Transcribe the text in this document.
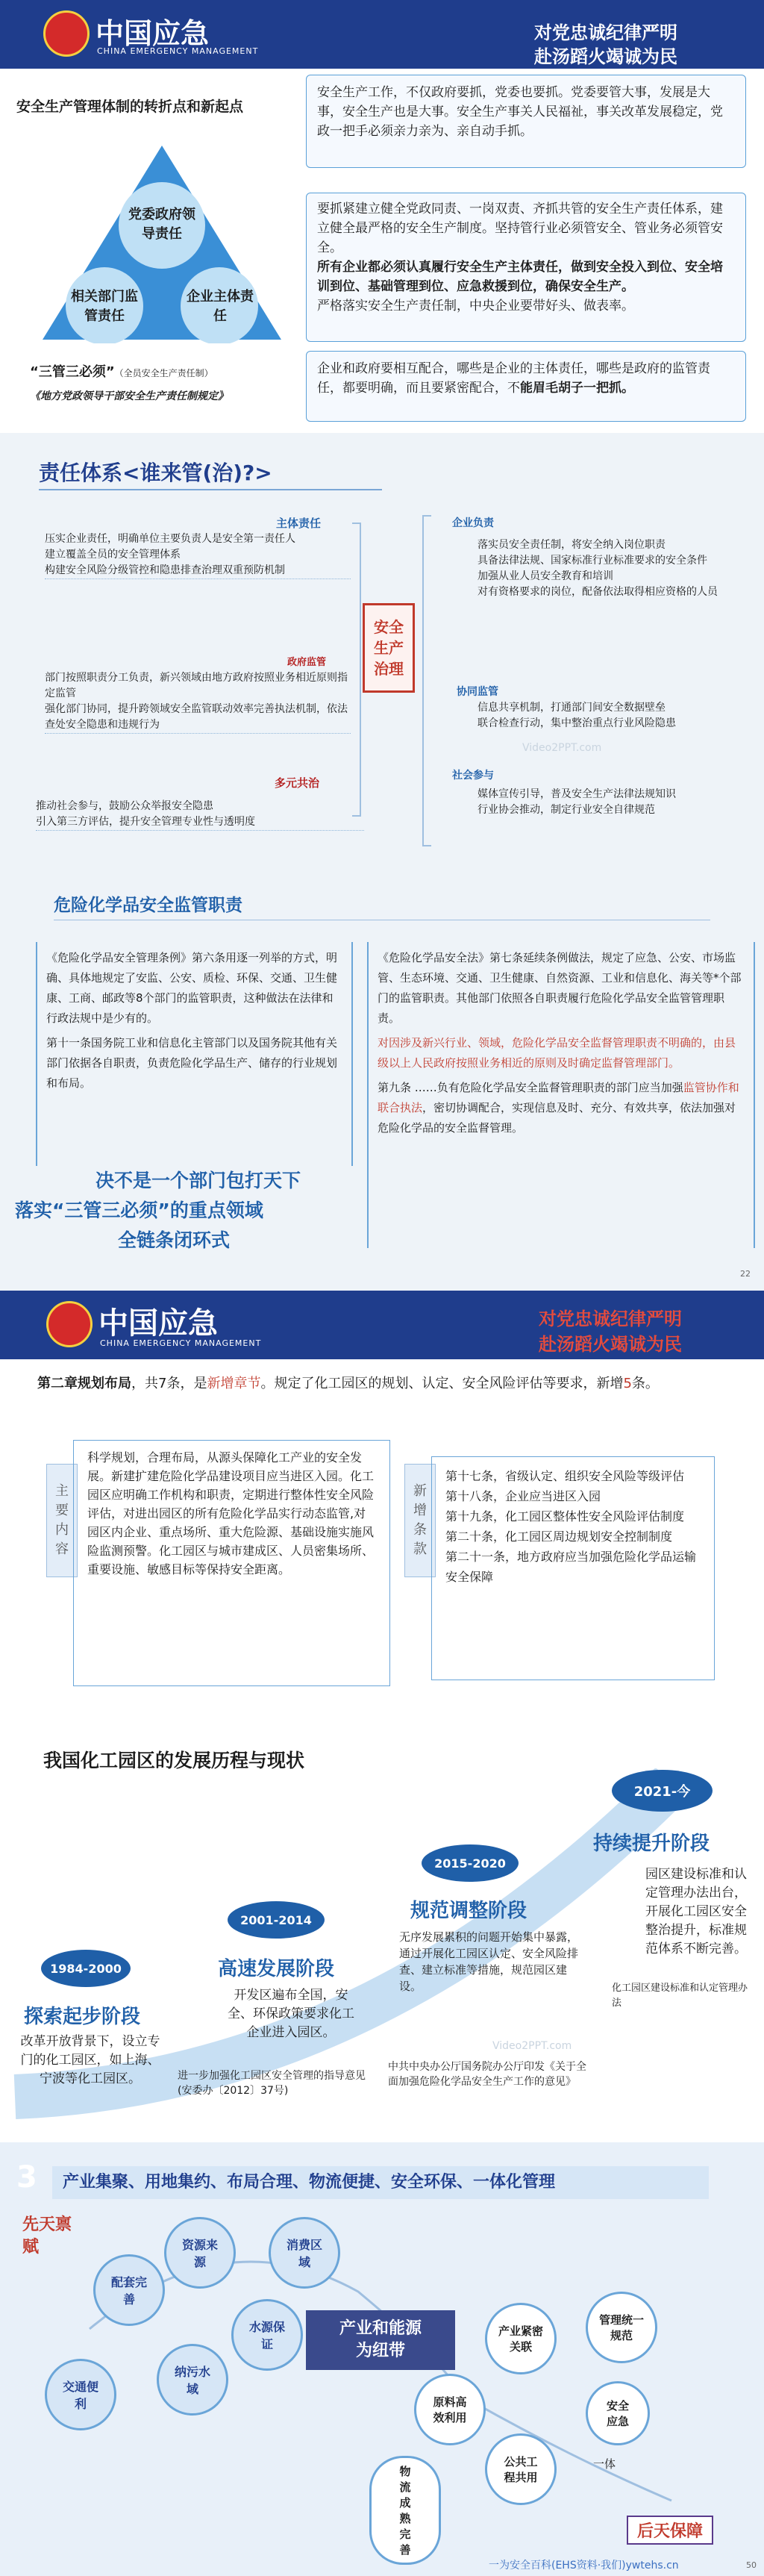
中国应急
CHINA EMERGENCY MANAGEMENT
对党忠诚纪律严明
赴汤蹈火竭诚为民
安全生产管理体制的转折点和新起点
党委政府领导责任
相关部门监管责任
企业主体责任
“三管三必须”（全员安全生产责任制）
《地方党政领导干部安全生产责任制规定》
安全生产工作，不仅政府要抓，党委也要抓。党委要管大事，发展是大事，安全生产也是大事。安全生产事关人民福祉，事关改革发展稳定，党政一把手必须亲力亲为、亲自动手抓。
要抓紧建立健全党政同责、一岗双责、齐抓共管的安全生产责任体系，建立健全最严格的安全生产制度。坚持管行业必须管安全、管业务必须管安全。
所有企业都必须认真履行安全生产主体责任，做到安全投入到位、安全培训到位、基础管理到位、应急救援到位，确保安全生产。
严格落实安全生产责任制，中央企业要带好头、做表率。
企业和政府要相互配合，哪些是企业的主体责任，哪些是政府的监管责任，都要明确，而且要紧密配合，不能眉毛胡子一把抓。
责任体系<谁来管(治)?>
主体责任
压实企业责任，明确单位主要负责人是安全第一责任人
建立覆盖全员的安全管理体系
构建安全风险分级管控和隐患排查治理双重预防机制
政府监管
部门按照职责分工负责，新兴领域由地方政府按照业务相近原则指定监管
强化部门协同，提升跨领域安全监管联动效率完善执法机制，依法查处安全隐患和违规行为
多元共治
推动社会参与，鼓励公众举报安全隐患
引入第三方评估，提升安全管理专业性与透明度
安全生产治理
企业负责
落实员安全责任制，将安全纳入岗位职责
具备法律法规、国家标准行业标准要求的安全条件
加强从业人员安全教育和培训
对有资格要求的岗位，配备依法取得相应资格的人员
协同监管
信息共享机制，打通部门间安全数据壁垒
联合检查行动，集中整治重点行业风险隐患
Video2PPT.com
社会参与
媒体宣传引导，普及安全生产法律法规知识
行业协会推动，制定行业安全自律规范
危险化学品安全监管职责
《危险化学品安全管理条例》第六条用逐一列举的方式，明确、具体地规定了安监、公安、质检、环保、交通、卫生健康、工商、邮政等8个部门的监管职责，这种做法在法律和行政法规中是少有的。
第十一条国务院工业和信息化主管部门以及国务院其他有关部门依据各自职责，负责危险化学品生产、储存的行业规划和布局。
《危险化学品安全法》第七条延续条例做法，规定了应急、公安、市场监管、生态环境、交通、卫生健康、自然资源、工业和信息化、海关等*个部门的监管职责。其他部门依照各自职责履行危险化学品安全监管管理职责。
对因涉及新兴行业、领域，危险化学品安全监督管理职责不明确的，由县级以上人民政府按照业务相近的原则及时确定监督管理部门。
第九条 ……负有危险化学品安全监督管理职责的部门应当加强监管协作和联合执法，密切协调配合，实现信息及时、充分、有效共享，依法加强对危险化学品的安全监督管理。
决不是一个部门包打天下
落实“三管三必须”的重点领域
全链条闭环式
22
中国应急
CHINA EMERGENCY MANAGEMENT
对党忠诚纪律严明
赴汤蹈火竭诚为民
第二章规划布局，共7条，是新增章节。规定了化工园区的规划、认定、安全风险评估等要求，新增5条。
主要内容
科学规划，合理布局，从源头保障化工产业的安全发展。新建扩建危险化学品建设项目应当进区入园。化工园区应明确工作机构和职责，定期进行整体性安全风险评估，对进出园区的所有危险化学品实行动态监管,对园区内企业、重点场所、重大危险源、基础设施实施风险监测预警。化工园区与城市建成区、人员密集场所、重要设施、敏感目标等保持安全距离。
新增条款
第十七条，省级认定、组织安全风险等级评估
第十八条，企业应当进区入园
第十九条，化工园区整体性安全风险评估制度
第二十条，化工园区周边规划安全控制制度
第二十一条，地方政府应当加强危险化学品运输安全保障
我国化工园区的发展历程与现状
1984-2000
探索起步阶段
改革开放背景下，设立专门的化工园区，如上海、宁波等化工园区。
2001-2014
高速发展阶段
开发区遍布全国，安全、环保政策要求化工企业进入园区。
进一步加强化工园区安全管理的指导意见(安委办〔2012〕37号)
2015-2020
规范调整阶段
无序发展累积的问题开始集中暴露，通过开展化工园区认定、安全风险排查、建立标准等措施，规范园区建设。
中共中央办公厅国务院办公厅印发《关于全面加强危险化学品安全生产工作的意见》
2021-今
持续提升阶段
园区建设标准和认定管理办法出台，开展化工园区安全整治提升，标准规范体系不断完善。
化工园区建设标准和认定管理办法
Video2PPT.com
3	产业集聚、用地集约、布局合理、物流便捷、安全环保、一体化管理
先天禀赋
配套完善
资源来源
消费区域
交通便利
纳污水域
水源保证
产业和能源为纽带
产业紧密关联
管理统一规范
原料高效利用
安全应急
公共工程共用
物流成熟完善
一体
后天保障
一为安全百科(EHS资料·我们)ywtehs.cn	50
